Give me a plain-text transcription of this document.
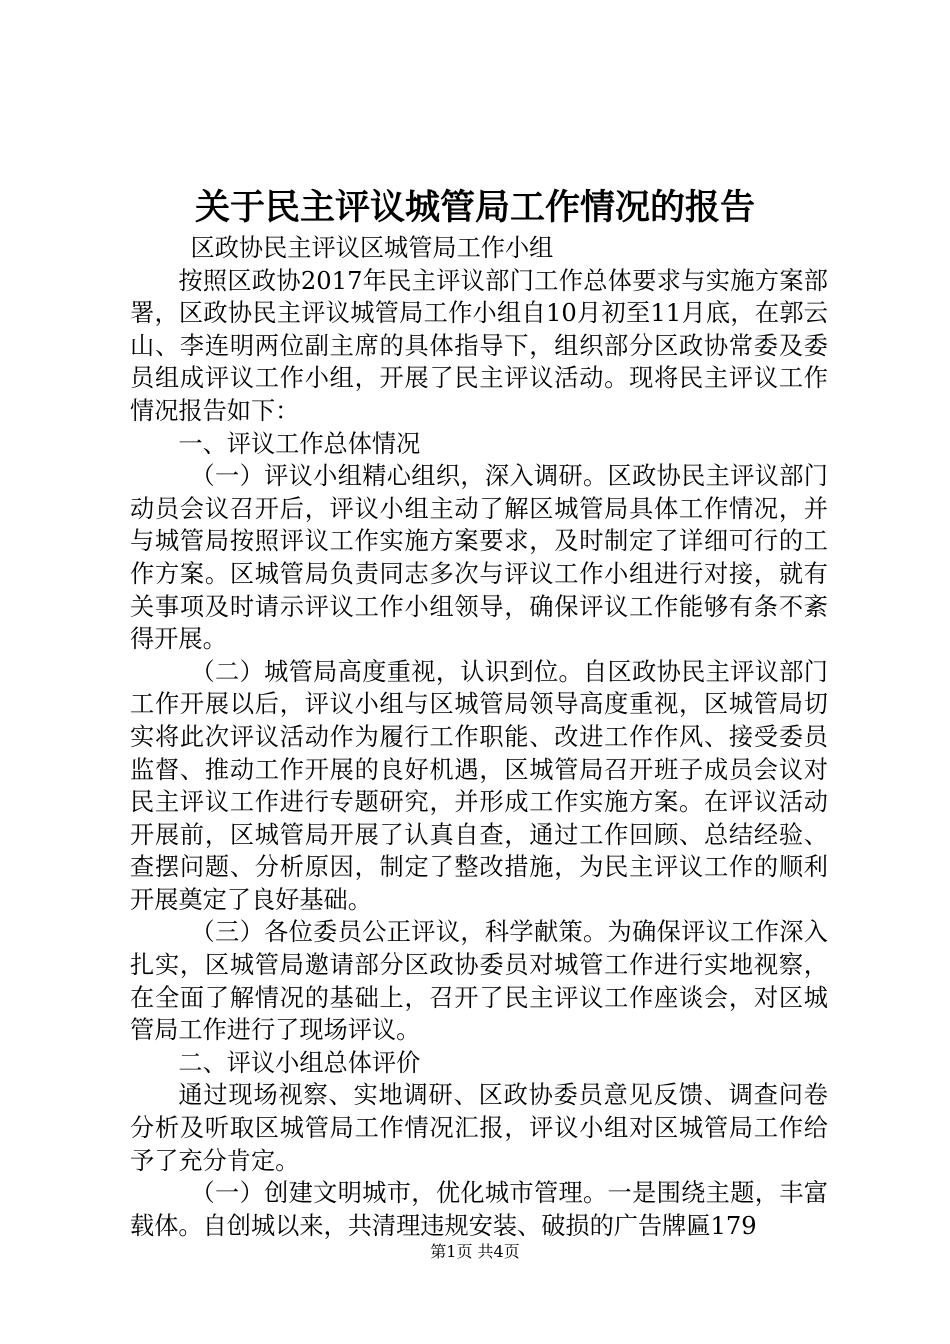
关于民主评议城管局工作情况的报告

区政协民主评议区城管局工作小组

按照区政协2017年民主评议部门工作总体要求与实施方案部署，区政协民主评议城管局工作小组自10月初至11月底，在郭云山、李连明两位副主席的具体指导下，组织部分区政协常委及委员组成评议工作小组，开展了民主评议活动。现将民主评议工作情况报告如下：

一、评议工作总体情况

（一）评议小组精心组织，深入调研。区政协民主评议部门动员会议召开后，评议小组主动了解区城管局具体工作情况，并与城管局按照评议工作实施方案要求，及时制定了详细可行的工作方案。区城管局负责同志多次与评议工作小组进行对接，就有关事项及时请示评议工作小组领导，确保评议工作能够有条不紊得开展。

（二）城管局高度重视，认识到位。自区政协民主评议部门工作开展以后，评议小组与区城管局领导高度重视，区城管局切实将此次评议活动作为履行工作职能、改进工作作风、接受委员监督、推动工作开展的良好机遇，区城管局召开班子成员会议对民主评议工作进行专题研究，并形成工作实施方案。在评议活动开展前，区城管局开展了认真自查，通过工作回顾、总结经验、查摆问题、分析原因，制定了整改措施，为民主评议工作的顺利开展奠定了良好基础。

（三）各位委员公正评议，科学献策。为确保评议工作深入扎实，区城管局邀请部分区政协委员对城管工作进行实地视察，在全面了解情况的基础上，召开了民主评议工作座谈会，对区城管局工作进行了现场评议。

二、评议小组总体评价

通过现场视察、实地调研、区政协委员意见反馈、调查问卷分析及听取区城管局工作情况汇报，评议小组对区城管局工作给予了充分肯定。

（一）创建文明城市，优化城市管理。一是围绕主题，丰富载体。自创城以来，共清理违规安装、破损的广告牌匾179

第1页 共4页
